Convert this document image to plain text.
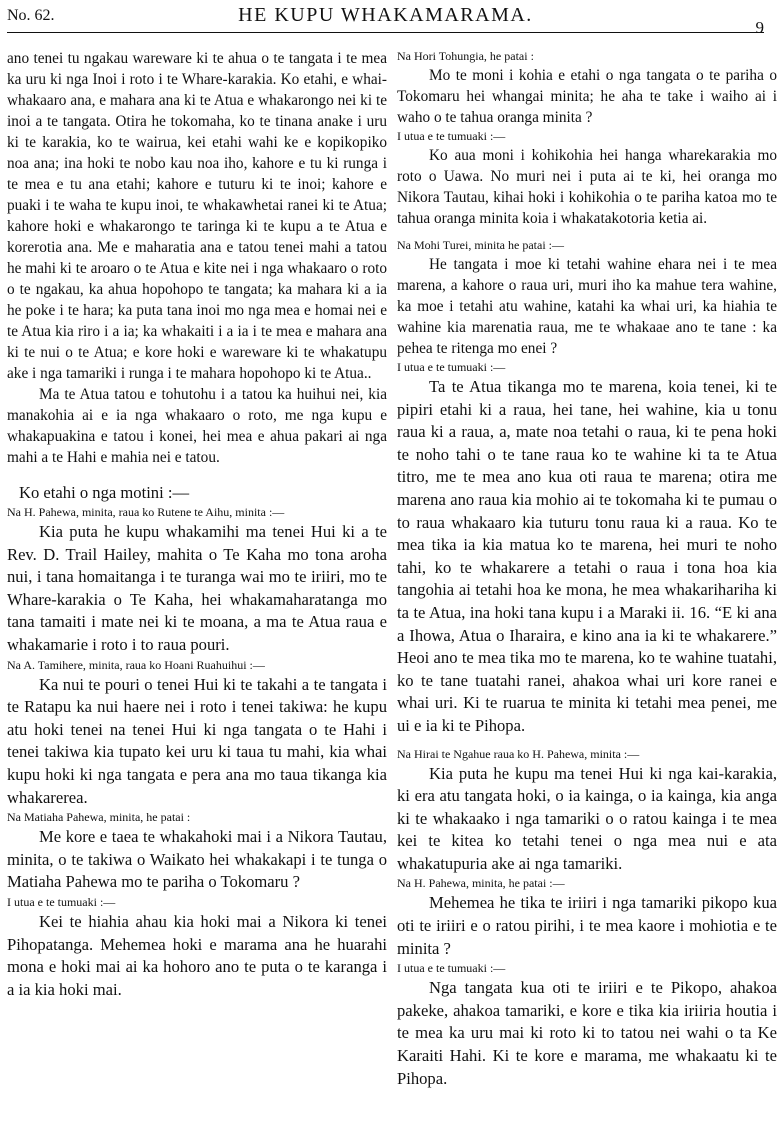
No. 62.	HE KUPU WHAKAMARAMA.
9

ano tenei tu ngakau wareware ki te ahua o te tangata i te mea ka uru ki nga Inoi i roto i te Whare-karakia. Ko etahi, e whai-whakaaro ana, e mahara ana ki te Atua e whakarongo nei ki te inoi a te tangata. Otira he tokomaha, ko te tinana anake i uru ki te karakia, ko te wairua, kei etahi wahi ke e kopikopiko noa ana; ina hoki te nobo kau noa iho, kahore e tu ki runga i te mea e tu ana etahi; kahore e tuturu ki te inoi; kahore e puaki i te waha te kupu inoi, te whakawhetai ranei ki te Atua; kahore hoki e whakarongo te taringa ki te kupu a te Atua e korerotia ana. Me e maharatia ana e tatou tenei mahi a tatou he mahi ki te aroaro o te Atua e kite nei i nga whakaaro o roto o te ngakau, ka ahua hopohopo te tangata; ka mahara ki a ia he poke i te hara; ka puta tana inoi mo nga mea e homai nei e te Atua kia riro i a ia; ka whakaiti i a ia i te mea e mahara ana ki te nui o te Atua; e kore hoki e wareware ki te whakatupu ake i nga tamariki i runga i te mahara hopohopo ki te Atua..

Ma te Atua tatou e tohutohu i a tatou ka huihui nei, kia manakohia ai e ia nga whakaaro o roto, me nga kupu e whakapuakina e tatou i konei, hei mea e ahua pakari ai nga mahi a te Hahi e mahia nei e tatou.

Ko etahi o nga motini :—

Na H. Pahewa, minita, raua ko Rutene te Aihu, minita :—

Kia puta he kupu whakamihi ma tenei Hui ki a te Rev. D. Trail Hailey, mahita o Te Kaha mo tona aroha nui, i tana homaitanga i te turanga wai mo te iriiri, mo te Whare-karakia o Te Kaha, hei whakamaharatanga mo tana tamaiti i mate nei ki te moana, a ma te Atua raua e whakamarie i roto i to raua pouri.

Na A. Tamihere, minita, raua ko Hoani Ruahuihui :—

Ka nui te pouri o tenei Hui ki te takahi a te tangata i te Ratapu ka nui haere nei i roto i tenei takiwa: he kupu atu hoki tenei na tenei Hui ki nga tangata o te Hahi i tenei takiwa kia tupato kei uru ki taua tu mahi, kia whai kupu hoki ki nga tangata e pera ana mo taua tikanga kia whakarerea.

Na Matiaha Pahewa, minita, he patai :

Me kore e taea te whakahoki mai i a Nikora Tautau, minita, o te takiwa o Waikato hei whakakapi i te tunga o Matiaha Pahewa mo te pariha o Tokomaru ?

I utua e te tumuaki :—

Kei te hiahia ahau kia hoki mai a Nikora ki tenei Pihopatanga. Mehemea hoki e marama ana he huarahi mona e hoki mai ai ka hohoro ano te puta o te karanga i a ia kia hoki mai.

Na Hori Tohungia, he patai :

Mo te moni i kohia e etahi o nga tangata o te pariha o Tokomaru hei whangai minita; he aha te take i waiho ai i waho o te tahua oranga minita ?

I utua e te tumuaki :—

Ko aua moni i kohikohia hei hanga wharekarakia mo roto o Uawa. No muri nei i puta ai te ki, hei oranga mo Nikora Tautau, kihai hoki i kohikohia o te pariha katoa mo te tahua oranga minita koia i whakatakotoria ketia ai.

Na Mohi Turei, minita he patai :—

He tangata i moe ki tetahi wahine ehara nei i te mea marena, a kahore o raua uri, muri iho ka mahue tera wahine, ka moe i tetahi atu wahine, katahi ka whai uri, ka hiahia te wahine kia marenatia raua, me te whakaae ano te tane : ka pehea te ritenga mo enei ?

I utua e te tumuaki :—

Ta te Atua tikanga mo te marena, koia tenei, ki te pipiri etahi ki a raua, hei tane, hei wahine, kia u tonu raua ki a raua, a, mate noa tetahi o raua, ki te pena hoki te noho tahi o te tane raua ko te wahine ki ta te Atua titro, me te mea ano kua oti raua te marena; otira me marena ano raua kia mohio ai te tokomaha ki te pumau o to raua whakaaro kia tuturu tonu raua ki a raua. Ko te mea tika ia kia matua ko te marena, hei muri te noho tahi, ko te whakarere a tetahi o raua i tona hoa kia tangohia ai tetahi hoa ke mona, he mea whakarihariha ki ta te Atua, ina hoki tana kupu i a Maraki ii. 16. “E ki ana a Ihowa, Atua o Iharaira, e kino ana ia ki te whakarere.” Heoi ano te mea tika mo te marena, ko te wahine tuatahi, ko te tane tuatahi ranei, ahakoa whai uri kore ranei e whai uri. Ki te ruarua te minita ki tetahi mea penei, me ui e ia ki te Pihopa.

Na Hirai te Ngahue raua ko H. Pahewa, minita :—

Kia puta he kupu ma tenei Hui ki nga kai-karakia, ki era atu tangata hoki, o ia kainga, o ia kainga, kia anga ki te whakaako i nga tamariki o o ratou kainga i te mea kei te kitea ko tetahi tenei o nga mea nui e ata whakatupuria ake ai nga tamariki.

Na H. Pahewa, minita, he patai :—

Mehemea he tika te iriiri i nga tamariki pikopo kua oti te iriiri e o ratou pirihi, i te mea kaore i mohiotia e te minita ?

I utua e te tumuaki :—

Nga tangata kua oti te iriiri e te Pikopo, ahakoa pakeke, ahakoa tamariki, e kore e tika kia iriiria houtia i te mea ka uru mai ki roto ki to tatou nei wahi o ta Ke Karaiti Hahi. Ki te kore e marama, me whakaatu ki te Pihopa.
